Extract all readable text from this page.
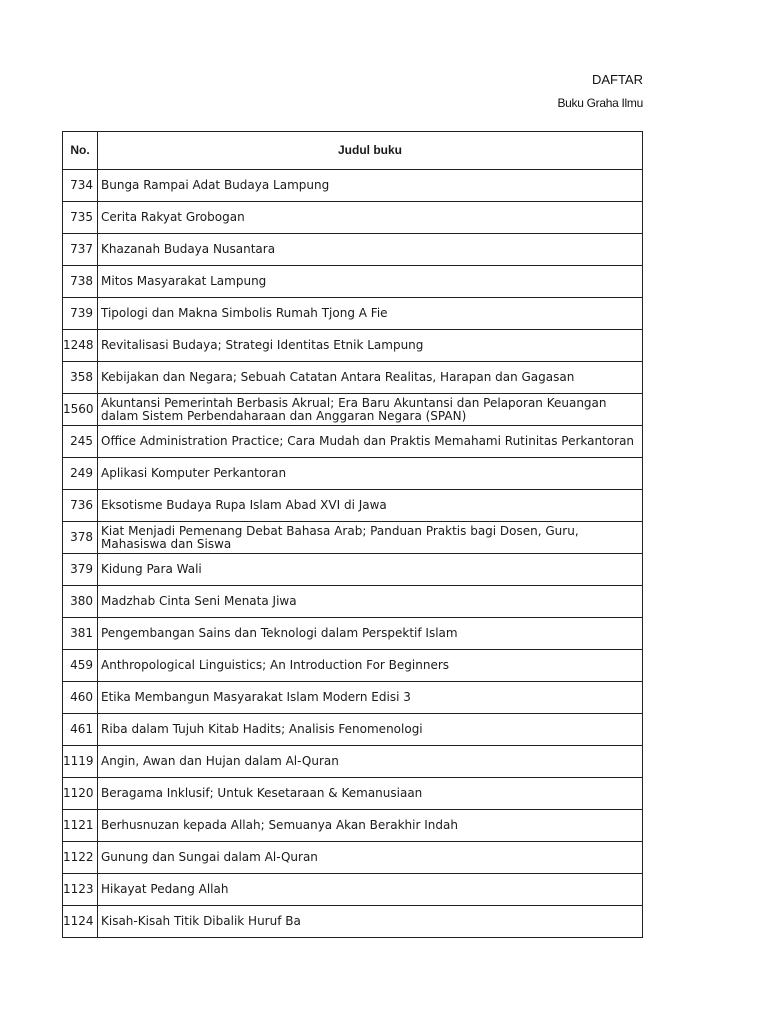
DAFTAR
Buku Graha Ilmu
No.	Judul buku
734	Bunga Rampai Adat Budaya Lampung
735	Cerita Rakyat Grobogan
737	Khazanah Budaya Nusantara
738	Mitos Masyarakat Lampung
739	Tipologi dan Makna Simbolis Rumah Tjong A Fie
1248	Revitalisasi Budaya; Strategi Identitas Etnik Lampung
358	Kebijakan dan Negara; Sebuah Catatan Antara Realitas, Harapan dan Gagasan
1560	Akuntansi Pemerintah Berbasis Akrual; Era Baru Akuntansi dan Pelaporan Keuangan dalam Sistem Perbendaharaan dan Anggaran Negara (SPAN)
245	Office Administration Practice; Cara Mudah dan Praktis Memahami Rutinitas Perkantoran
249	Aplikasi Komputer Perkantoran
736	Eksotisme Budaya Rupa Islam Abad XVI di Jawa
378	Kiat Menjadi Pemenang Debat Bahasa Arab; Panduan Praktis bagi Dosen, Guru, Mahasiswa dan Siswa
379	Kidung Para Wali
380	Madzhab Cinta Seni Menata Jiwa
381	Pengembangan Sains dan Teknologi dalam Perspektif Islam
459	Anthropological Linguistics; An Introduction For Beginners
460	Etika Membangun Masyarakat Islam Modern Edisi 3
461	Riba dalam Tujuh Kitab Hadits; Analisis Fenomenologi
1119	Angin, Awan dan Hujan dalam Al-Quran
1120	Beragama Inklusif; Untuk Kesetaraan & Kemanusiaan
1121	Berhusnuzan kepada Allah; Semuanya Akan Berakhir Indah
1122	Gunung dan Sungai dalam Al-Quran
1123	Hikayat Pedang Allah
1124	Kisah-Kisah Titik Dibalik Huruf Ba
